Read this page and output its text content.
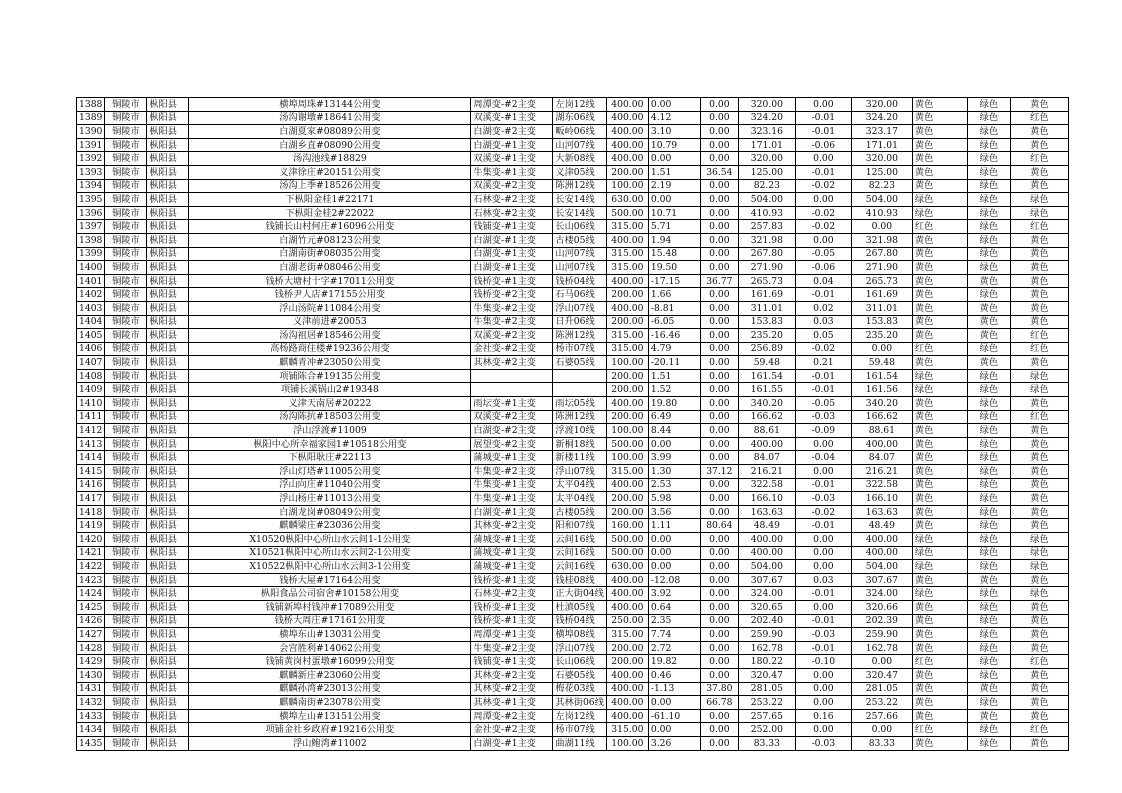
1388	铜陵市	枞阳县	横埠周珠#13144公用变	周潭变-#2主变	左岗12线	400.00	0.00	0.00	320.00	0.00	320.00	黄色	绿色	黄色
1389	铜陵市	枞阳县	汤沟谢墩#18641公用变	双溪变-#1主变	湖东06线	400.00	4.12	0.00	324.20	-0.01	324.20	黄色	绿色	红色
1390	铜陵市	枞阳县	白湖夏家#08089公用变	白湖变-#2主变	畈岭06线	400.00	3.10	0.00	323.16	-0.01	323.17	黄色	绿色	黄色
1391	铜陵市	枞阳县	白湖乡直#08090公用变	白湖变-#1主变	山河07线	400.00	10.79	0.00	171.01	-0.06	171.01	黄色	绿色	黄色
1392	铜陵市	枞阳县	汤沟池线#18829	双溪变-#1主变	大新08线	400.00	0.00	0.00	320.00	0.00	320.00	黄色	绿色	红色
1393	铜陵市	枞阳县	义津徐庄#20151公用变	牛集变-#1主变	义津05线	200.00	1.51	36.54	125.00	-0.01	125.00	黄色	绿色	黄色
1394	铜陵市	枞阳县	汤沟上季#18526公用变	双溪变-#2主变	陈洲12线	100.00	2.19	0.00	82.23	-0.02	82.23	黄色	绿色	黄色
1395	铜陵市	枞阳县	下枞阳金桂1#22171	石林变-#2主变	长安14线	630.00	0.00	0.00	504.00	0.00	504.00	绿色	绿色	绿色
1396	铜陵市	枞阳县	下枞阳金桂2#22022	石林变-#2主变	长安14线	500.00	10.71	0.00	410.93	-0.02	410.93	绿色	绿色	绿色
1397	铜陵市	枞阳县	钱铺长山村何庄#16096公用变	钱铺变-#1主变	长山06线	315.00	5.71	0.00	257.83	-0.02	0.00	红色	绿色	红色
1398	铜陵市	枞阳县	白湖竹元#08123公用变	白湖变-#1主变	古楼05线	400.00	1.94	0.00	321.98	0.00	321.98	黄色	绿色	黄色
1399	铜陵市	枞阳县	白湖南街#08035公用变	白湖变-#1主变	山河07线	315.00	15.48	0.00	267.80	-0.05	267.80	黄色	绿色	黄色
1400	铜陵市	枞阳县	白湖老街#08046公用变	白湖变-#1主变	山河07线	315.00	19.50	0.00	271.90	-0.06	271.90	黄色	绿色	黄色
1401	铜陵市	枞阳县	钱桥大塘村十字#17011公用变	钱桥变-#1主变	钱桥04线	400.00	-17.15	36.77	265.73	0.04	265.73	黄色	黄色	黄色
1402	铜陵市	枞阳县	钱桥尹人店#17155公用变	钱桥变-#2主变	石马06线	200.00	1.66	0.00	161.69	-0.01	161.69	黄色	绿色	黄色
1403	铜陵市	枞阳县	浮山汤院#11084公用变	牛集变-#2主变	浮山07线	400.00	-8.81	0.00	311.01	0.02	311.01	黄色	黄色	黄色
1404	铜陵市	枞阳县	义津前进#20053	牛集变-#2主变	日升06线	200.00	-6.05	0.00	153.83	0.03	153.83	黄色	黄色	黄色
1405	铜陵市	枞阳县	汤沟祖居#18546公用变	双溪变-#2主变	陈洲12线	315.00	-16.46	0.00	235.20	0.05	235.20	黄色	黄色	红色
1406	铜陵市	枞阳县	高杨路商住楼#19236公用变	金社变-#2主变	杨市07线	315.00	4.79	0.00	256.89	-0.02	0.00	红色	绿色	红色
1407	铜陵市	枞阳县	麒麟青冲#23050公用变	其林变-#2主变	石婆05线	100.00	-20.11	0.00	59.48	0.21	59.48	黄色	黄色	黄色
1408	铜陵市	枞阳县	项铺陈合#19135公用变			200.00	1.51	0.00	161.54	-0.01	161.54	绿色	绿色	绿色
1409	铜陵市	枞阳县	项铺长溪锅山2#19348			200.00	1.52	0.00	161.55	-0.01	161.56	绿色	绿色	绿色
1410	铜陵市	枞阳县	义津天南居#20222	雨坛变-#1主变	雨坛05线	400.00	19.80	0.00	340.20	-0.05	340.20	黄色	绿色	黄色
1411	铜陵市	枞阳县	汤沟陈抗#18503公用变	双溪变-#2主变	陈洲12线	200.00	6.49	0.00	166.62	-0.03	166.62	黄色	绿色	红色
1412	铜陵市	枞阳县	浮山浮渡#11009	白湖变-#2主变	浮渡10线	100.00	8.44	0.00	88.61	-0.09	88.61	黄色	绿色	黄色
1413	铜陵市	枞阳县	枞阳中心所幸福家园1#10518公用变	展望变-#2主变	新桐18线	500.00	0.00	0.00	400.00	0.00	400.00	黄色	绿色	黄色
1414	铜陵市	枞阳县	下枞阳耿庄#22113	蒲城变-#1主变	新楼11线	100.00	3.99	0.00	84.07	-0.04	84.07	黄色	绿色	黄色
1415	铜陵市	枞阳县	浮山灯塔#11005公用变	牛集变-#2主变	浮山07线	315.00	1.30	37.12	216.21	0.00	216.21	黄色	绿色	黄色
1416	铜陵市	枞阳县	浮山向庄#11040公用变	牛集变-#1主变	太平04线	400.00	2.53	0.00	322.58	-0.01	322.58	黄色	绿色	黄色
1417	铜陵市	枞阳县	浮山杨庄#11013公用变	牛集变-#1主变	太平04线	200.00	5.98	0.00	166.10	-0.03	166.10	黄色	绿色	黄色
1418	铜陵市	枞阳县	白湖龙岗#08049公用变	白湖变-#1主变	古楼05线	200.00	3.56	0.00	163.63	-0.02	163.63	黄色	绿色	黄色
1419	铜陵市	枞阳县	麒麟梁庄#23036公用变	其林变-#2主变	阳和07线	160.00	1.11	80.64	48.49	-0.01	48.49	黄色	绿色	黄色
1420	铜陵市	枞阳县	X10520枞阳中心所山水云间1-1公用变	蒲城变-#1主变	云间16线	500.00	0.00	0.00	400.00	0.00	400.00	绿色	绿色	绿色
1421	铜陵市	枞阳县	X10521枞阳中心所山水云间2-1公用变	蒲城变-#1主变	云间16线	500.00	0.00	0.00	400.00	0.00	400.00	绿色	绿色	绿色
1422	铜陵市	枞阳县	X10522枞阳中心所山水云间3-1公用变	蒲城变-#1主变	云间16线	630.00	0.00	0.00	504.00	0.00	504.00	绿色	绿色	绿色
1423	铜陵市	枞阳县	钱桥大屋#17164公用变	钱桥变-#1主变	钱桂08线	400.00	-12.08	0.00	307.67	0.03	307.67	黄色	黄色	黄色
1424	铜陵市	枞阳县	枞阳食品公司宿舍#10158公用变	石林变-#2主变	正大街04线	400.00	3.92	0.00	324.00	-0.01	324.00	绿色	绿色	绿色
1425	铜陵市	枞阳县	钱铺新埠村钱冲#17089公用变	钱桥变-#1主变	杜滇05线	400.00	0.64	0.00	320.65	0.00	320.66	黄色	绿色	黄色
1426	铜陵市	枞阳县	钱桥大周庄#17161公用变	钱桥变-#1主变	钱桥04线	250.00	2.35	0.00	202.40	-0.01	202.39	黄色	绿色	黄色
1427	铜陵市	枞阳县	横埠东山#13031公用变	周潭变-#1主变	横埠08线	315.00	7.74	0.00	259.90	-0.03	259.90	黄色	绿色	黄色
1428	铜陵市	枞阳县	会宫胜利#14062公用变	牛集变-#2主变	浮山07线	200.00	2.72	0.00	162.78	-0.01	162.78	黄色	绿色	黄色
1429	铜陵市	枞阳县	钱铺黄岗村蛋墩#16099公用变	钱铺变-#1主变	长山06线	200.00	19.82	0.00	180.22	-0.10	0.00	红色	绿色	红色
1430	铜陵市	枞阳县	麒麟新庄#23060公用变	其林变-#2主变	石婆05线	400.00	0.46	0.00	320.47	0.00	320.47	黄色	绿色	黄色
1431	铜陵市	枞阳县	麒麟孙湾#23013公用变	其林变-#2主变	梅花03线	400.00	-1.13	37.80	281.05	0.00	281.05	黄色	黄色	黄色
1432	铜陵市	枞阳县	麒麟南街#23078公用变	其林变-#1主变	其林街06线	400.00	0.00	66.78	253.22	0.00	253.22	黄色	绿色	黄色
1433	铜陵市	枞阳县	横埠左山#13151公用变	周潭变-#2主变	左岗12线	400.00	-61.10	0.00	257.65	0.16	257.66	黄色	黄色	黄色
1434	铜陵市	枞阳县	项铺金社乡政府#19216公用变	金社变-#2主变	杨市07线	315.00	0.00	0.00	252.00	0.00	0.00	红色	绿色	红色
1435	铜陵市	枞阳县	浮山鲍湾#11002	白湖变-#1主变	曲湖11线	100.00	3.26	0.00	83.33	-0.03	83.33	黄色	绿色	黄色
